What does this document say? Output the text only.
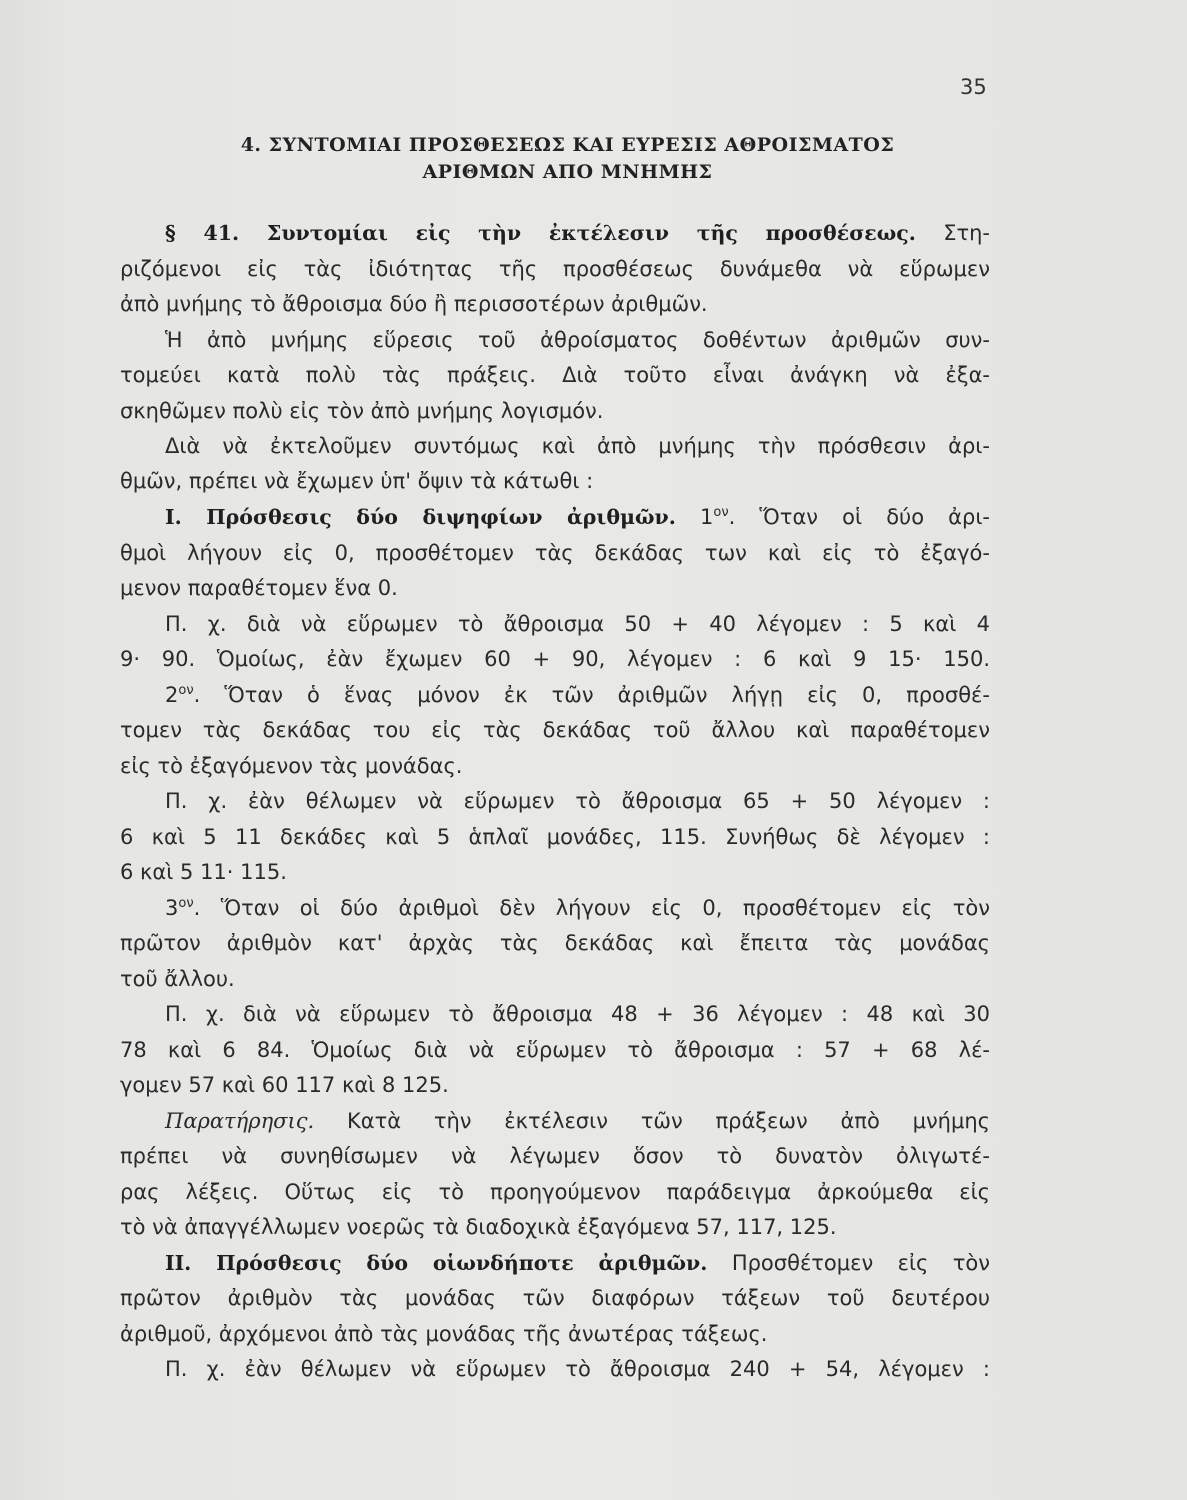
35
4. ΣΥΝΤΟΜΙΑΙ ΠΡΟΣΘΕΣΕΩΣ ΚΑΙ ΕΥΡΕΣΙΣ ΑΘΡΟΙΣΜΑΤΟΣ
ΑΡΙΘΜΩΝ ΑΠΟ ΜΝΗΜΗΣ
§ 41. Συντομίαι εἰς τὴν ἐκτέλεσιν τῆς προσθέσεως. Στη-
ριζόμενοι εἰς τὰς ἰδιότητας τῆς προσθέσεως δυνάμεθα νὰ εὕρωμεν
ἀπὸ μνήμης τὸ ἄθροισμα δύο ἢ περισσοτέρων ἀριθμῶν.
Ἡ ἀπὸ μνήμης εὕρεσις τοῦ ἀθροίσματος δοθέντων ἀριθμῶν συν-
τομεύει κατὰ πολὺ τὰς πράξεις. Διὰ τοῦτο εἶναι ἀνάγκη νὰ ἐξα-
σκηθῶμεν πολὺ εἰς τὸν ἀπὸ μνήμης λογισμόν.
Διὰ νὰ ἐκτελοῦμεν συντόμως καὶ ἀπὸ μνήμης τὴν πρόσθεσιν ἀρι-
θμῶν, πρέπει νὰ ἔχωμεν ὑπ' ὄψιν τὰ κάτωθι :
Ι. Πρόσθεσις δύο διψηφίων ἀριθμῶν. $1^{o\nu}$. Ὅταν οἱ δύο ἀρι-
θμοὶ λήγουν εἰς 0, προσθέτομεν τὰς δεκάδας των καὶ εἰς τὸ ἐξαγό-
μενον παραθέτομεν ἕνα 0.
Π. χ. διὰ νὰ εὕρωμεν τὸ ἄθροισμα 50 + 40 λέγομεν : 5 καὶ 4
9· 90. Ὁμοίως, ἐὰν ἔχωμεν 60 + 90, λέγομεν : 6 καὶ 9 15· 150.
$2^{o\nu}$. Ὅταν ὁ ἕνας μόνον ἐκ τῶν ἀριθμῶν λήγῃ εἰς 0, προσθέ-
τομεν τὰς δεκάδας του εἰς τὰς δεκάδας τοῦ ἄλλου καὶ παραθέτομεν
εἰς τὸ ἐξαγόμενον τὰς μονάδας.
Π. χ. ἐὰν θέλωμεν νὰ εὕρωμεν τὸ ἄθροισμα 65 + 50 λέγομεν :
6 καὶ 5 11 δεκάδες καὶ 5 ἁπλαῖ μονάδες, 115. Συνήθως δὲ λέγομεν :
6 καὶ 5 11· 115.
$3^{o\nu}$. Ὅταν οἱ δύο ἀριθμοὶ δὲν λήγουν εἰς 0, προσθέτομεν εἰς τὸν
πρῶτον ἀριθμὸν κατ' ἀρχὰς τὰς δεκάδας καὶ ἔπειτα τὰς μονάδας
τοῦ ἄλλου.
Π. χ. διὰ νὰ εὕρωμεν τὸ ἄθροισμα 48 + 36 λέγομεν : 48 καὶ 30
78 καὶ 6 84. Ὁμοίως διὰ νὰ εὕρωμεν τὸ ἄθροισμα : 57 + 68 λέ-
γομεν 57 καὶ 60 117 καὶ 8 125.
Παρατήρησις. Κατὰ τὴν ἐκτέλεσιν τῶν πράξεων ἀπὸ μνήμης
πρέπει νὰ συνηθίσωμεν νὰ λέγωμεν ὅσον τὸ δυνατὸν ὀλιγωτέ-
ρας λέξεις. Οὕτως εἰς τὸ προηγούμενον παράδειγμα ἀρκούμεθα εἰς
τὸ νὰ ἀπαγγέλλωμεν νοερῶς τὰ διαδοχικὰ ἐξαγόμενα 57, 117, 125.
ΙΙ. Πρόσθεσις δύο οἱωνδήποτε ἀριθμῶν. Προσθέτομεν εἰς τὸν
πρῶτον ἀριθμὸν τὰς μονάδας τῶν διαφόρων τάξεων τοῦ δευτέρου
ἀριθμοῦ, ἀρχόμενοι ἀπὸ τὰς μονάδας τῆς ἀνωτέρας τάξεως.
Π. χ. ἐὰν θέλωμεν νὰ εὕρωμεν τὸ ἄθροισμα 240 + 54, λέγομεν :
